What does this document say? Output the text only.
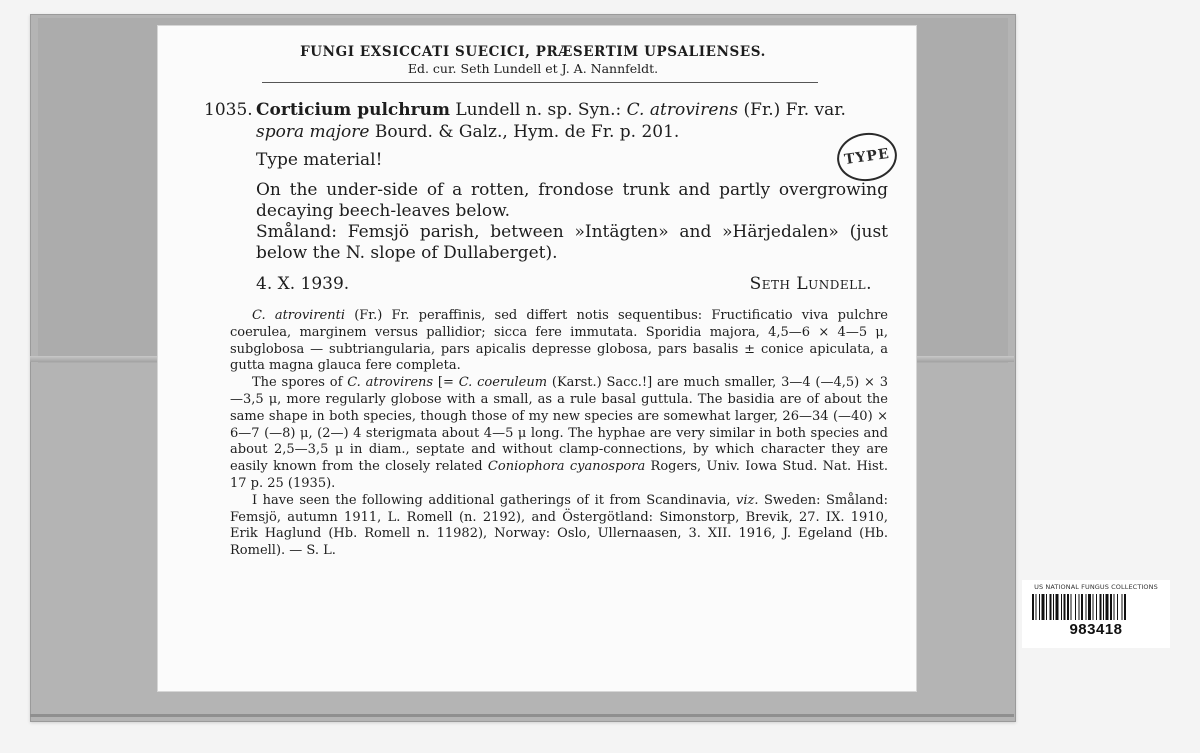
FUNGI EXSICCATI SUECICI, PRÆSERTIM UPSALIENSES.
Ed. cur. Seth Lundell et J. A. Nannfeldt.
1035. Corticium pulchrum Lundell n. sp. Syn.: C. atrovirens (Fr.) Fr. var. spora majore Bourd. & Galz., Hym. de Fr. p. 201.
Type material!
On the under-side of a rotten, frondose trunk and partly overgrowing decaying beech-leaves below.
Småland: Femsjö parish, between »Intägten» and »Härjedalen» (just below the N. slope of Dullaberget).
4. X. 1939.	Seth Lundell.

C. atrovirenti (Fr.) Fr. peraffinis, sed differt notis sequentibus: Fructificatio viva pulchre coerulea, marginem versus pallidior; sicca fere immutata. Sporidia majora, 4,5—6 × 4—5 μ, subglobosa — subtriangularia, pars apicalis depresse globosa, pars basalis ± conice apiculata, a gutta magna glauca fere completa.

The spores of C. atrovirens [= C. coeruleum (Karst.) Sacc.!] are much smaller, 3—4 (—4,5) × 3—3,5 μ, more regularly globose with a small, as a rule basal guttula. The basidia are of about the same shape in both species, though those of my new species are somewhat larger, 26—34 (—40) × 6—7 (—8) μ, (2—) 4 sterigmata about 4—5 μ long. The hyphae are very similar in both species and about 2,5—3,5 μ in diam., septate and without clamp-connections, by which character they are easily known from the closely related Coniophora cyanospora Rogers, Univ. Iowa Stud. Nat. Hist. 17 p. 25 (1935).

I have seen the following additional gatherings of it from Scandinavia, viz. Sweden: Småland: Femsjö, autumn 1911, L. Romell (n. 2192), and Östergötland: Simonstorp, Brevik, 27. IX. 1910, Erik Haglund (Hb. Romell n. 11982), Norway: Oslo, Ullernaasen, 3. XII. 1916, J. Egeland (Hb. Romell). — S. L.

TYPE
US NATIONAL FUNGUS COLLECTIONS
983418
